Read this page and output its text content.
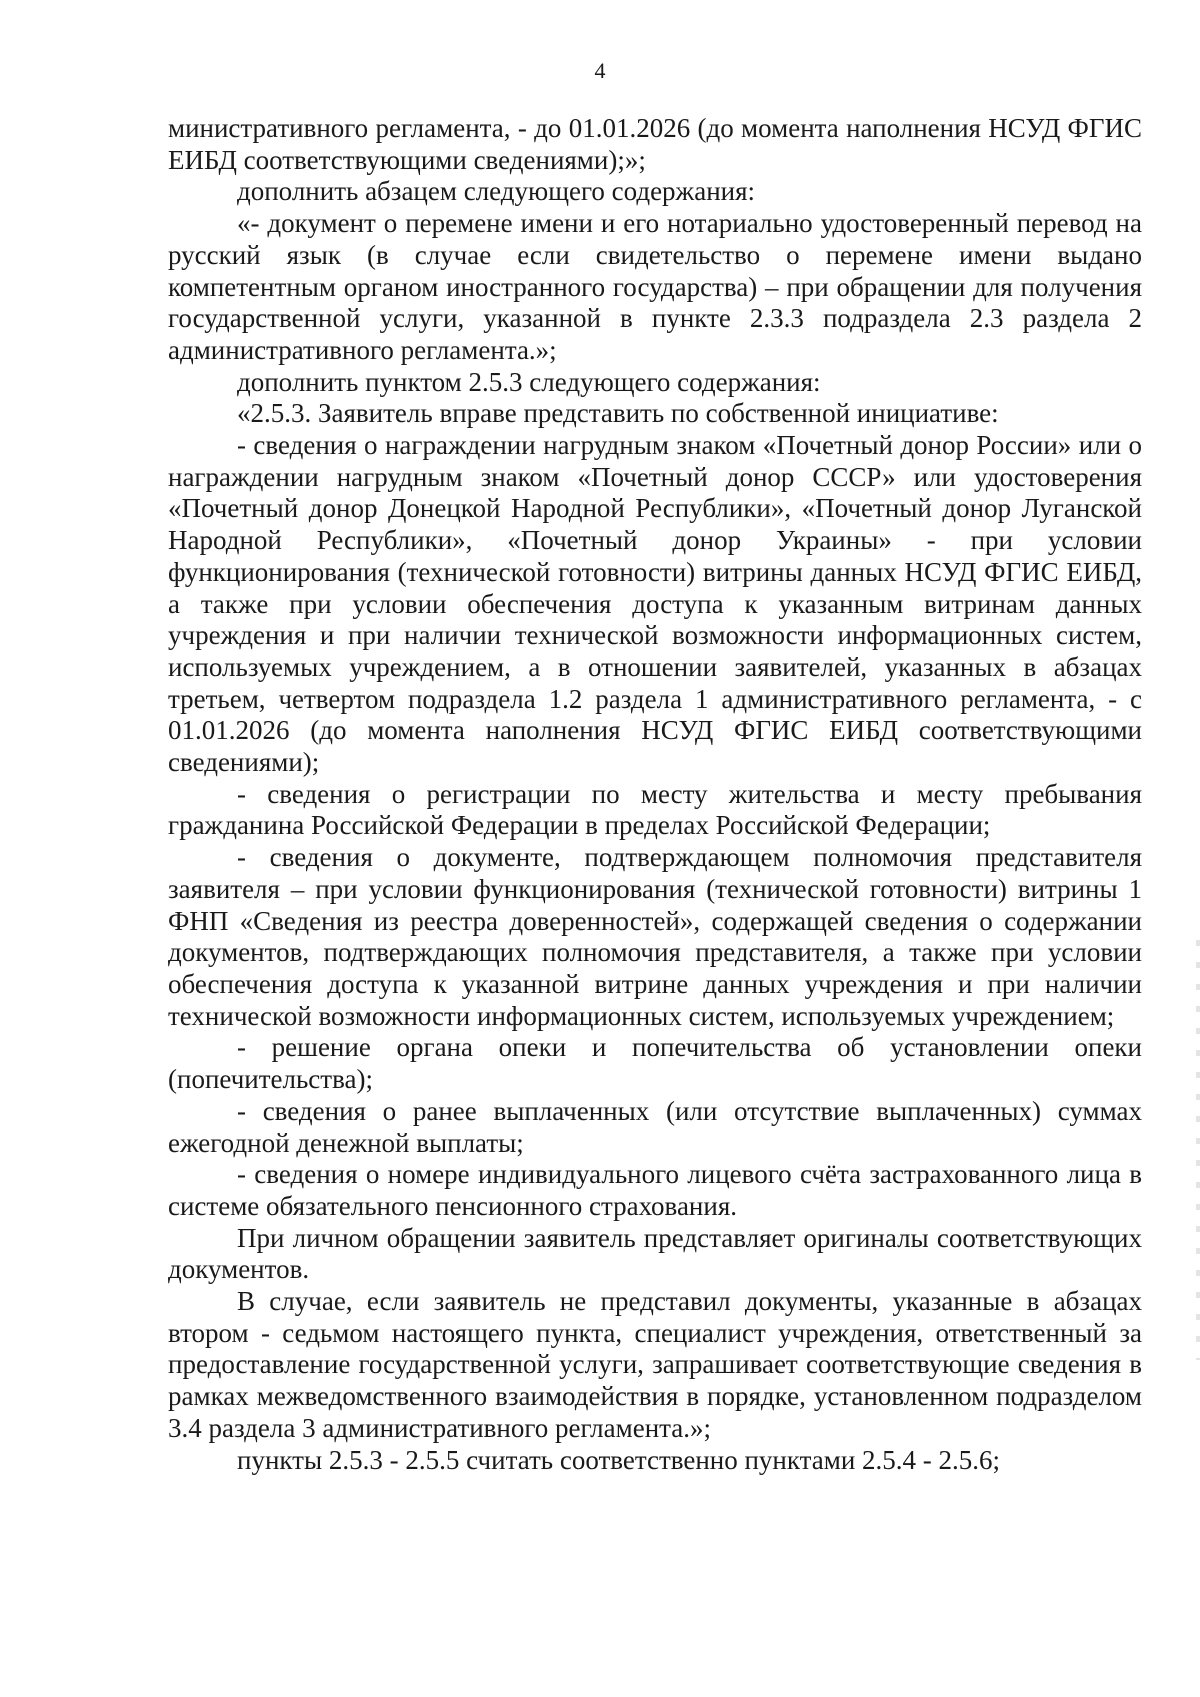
4

министративного регламента, - до 01.01.2026 (до момента наполнения НСУД ФГИС ЕИБД соответствующими сведениями);»;

дополнить абзацем следующего содержания:

«- документ о перемене имени и его нотариально удостоверенный перевод на русский язык (в случае если свидетельство о перемене имени выдано компетентным органом иностранного государства) – при обращении для получения государственной услуги, указанной в пункте 2.3.3 подраздела 2.3 раздела 2 административного регламента.»;

дополнить пунктом 2.5.3 следующего содержания:

«2.5.3. Заявитель вправе представить по собственной инициативе:

- сведения о награждении нагрудным знаком «Почетный донор России» или о награждении нагрудным знаком «Почетный донор СССР» или удостоверения «Почетный донор Донецкой Народной Республики», «Почетный донор Луганской Народной Республики», «Почетный донор Украины» - при условии функционирования (технической готовности) витрины данных НСУД ФГИС ЕИБД, а также при условии обеспечения доступа к указанным витринам данных учреждения и при наличии технической возможности информационных систем, используемых учреждением, а в отношении заявителей, указанных в абзацах третьем, четвертом подраздела 1.2 раздела 1 административного регламента, - с 01.01.2026 (до момента наполнения НСУД ФГИС ЕИБД соответствующими сведениями);

- сведения о регистрации по месту жительства и месту пребывания гражданина Российской Федерации в пределах Российской Федерации;

- сведения о документе, подтверждающем полномочия представителя заявителя – при условии функционирования (технической готовности) витрины 1 ФНП «Сведения из реестра доверенностей», содержащей сведения о содержании документов, подтверждающих полномочия представителя, а также при условии обеспечения доступа к указанной витрине данных учреждения и при наличии технической возможности информационных систем, используемых учреждением;

- решение органа опеки и попечительства об установлении опеки (попечительства);

- сведения о ранее выплаченных (или отсутствие выплаченных) суммах ежегодной денежной выплаты;

- сведения о номере индивидуального лицевого счёта застрахованного лица в системе обязательного пенсионного страхования.

При личном обращении заявитель представляет оригиналы соответствующих документов.

В случае, если заявитель не представил документы, указанные в абзацах втором - седьмом настоящего пункта, специалист учреждения, ответственный за предоставление государственной услуги, запрашивает соответствующие сведения в рамках межведомственного взаимодействия в порядке, установленном подразделом 3.4 раздела 3 административного регламента.»;

пункты 2.5.3 - 2.5.5 считать соответственно пунктами 2.5.4 - 2.5.6;
